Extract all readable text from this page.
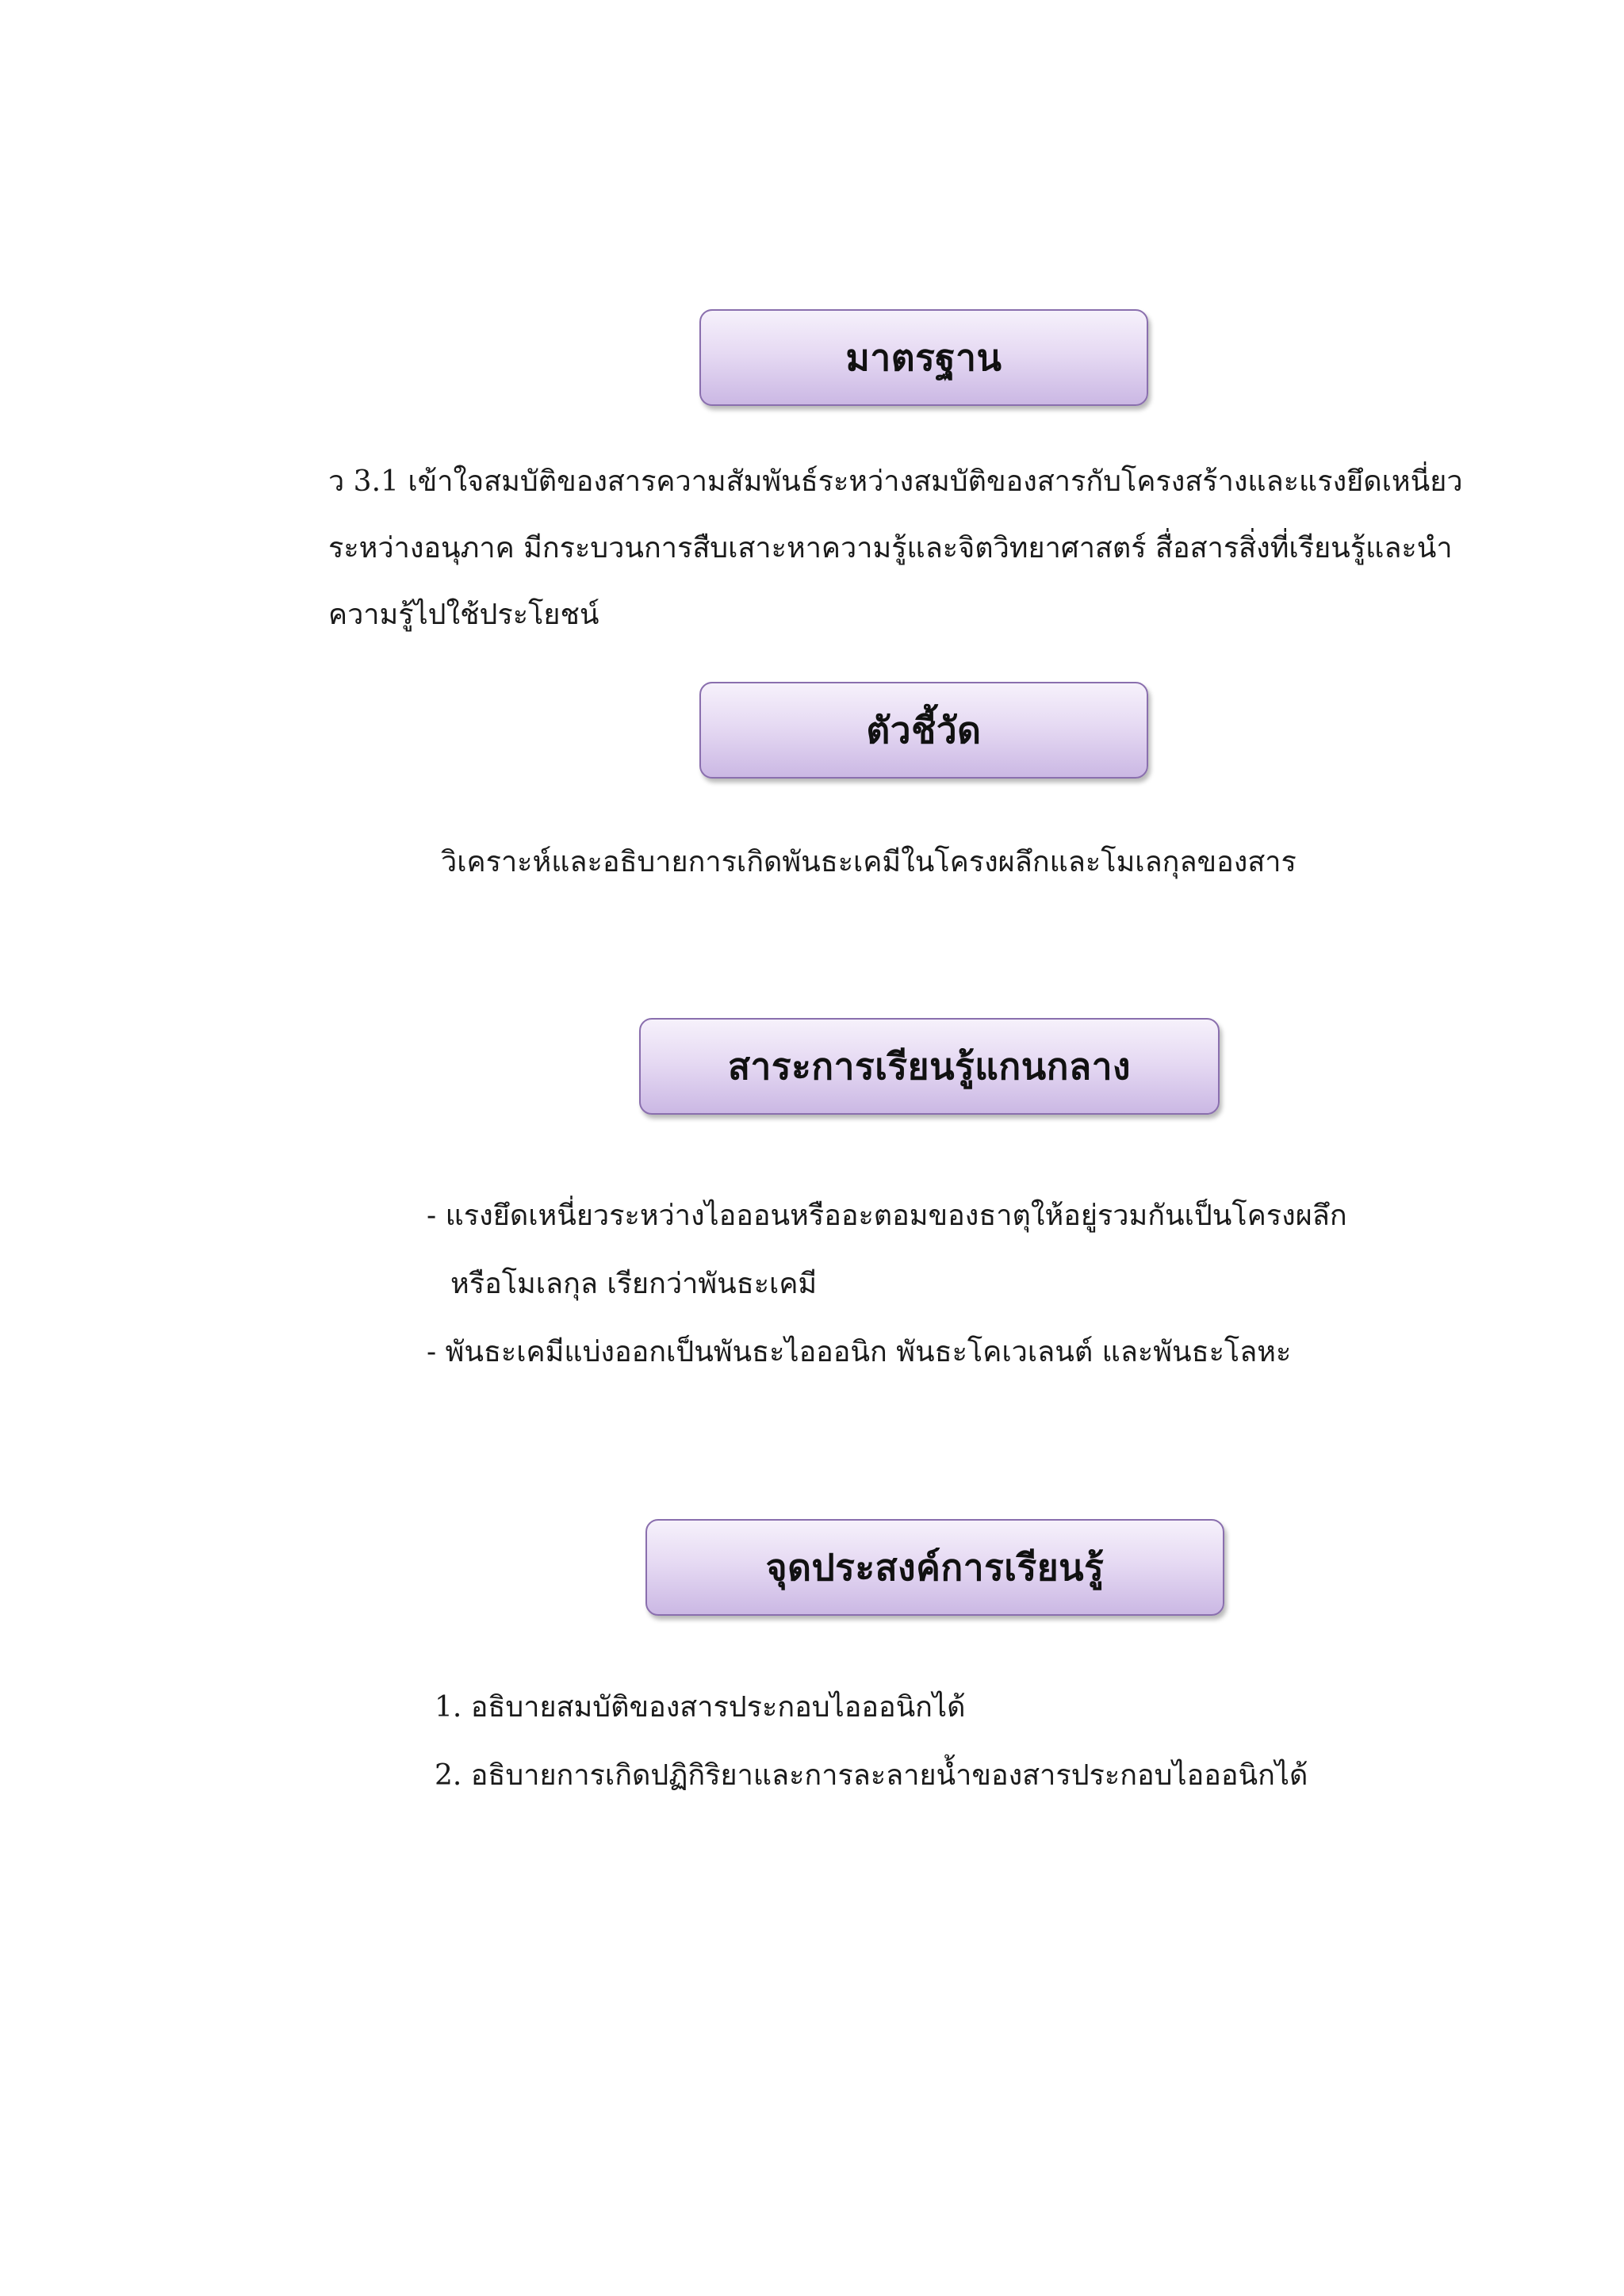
มาตรฐาน
ว 3.1 เข้าใจสมบัติของสารความสัมพันธ์ระหว่างสมบัติของสารกับโครงสร้างและแรงยึดเหนี่ยว
ระหว่างอนุภาค มีกระบวนการสืบเสาะหาความรู้และจิตวิทยาศาสตร์ สื่อสารสิ่งที่เรียนรู้และนำ
ความรู้ไปใช้ประโยชน์
ตัวชี้วัด
วิเคราะห์และอธิบายการเกิดพันธะเคมีในโครงผลึกและโมเลกุลของสาร
สาระการเรียนรู้แกนกลาง
- แรงยึดเหนี่ยวระหว่างไอออนหรืออะตอมของธาตุให้อยู่รวมกันเป็นโครงผลึก
หรือโมเลกุล เรียกว่าพันธะเคมี
- พันธะเคมีแบ่งออกเป็นพันธะไอออนิก พันธะโคเวเลนต์ และพันธะโลหะ
จุดประสงค์การเรียนรู้
1. อธิบายสมบัติของสารประกอบไอออนิกได้
2. อธิบายการเกิดปฏิกิริยาและการละลายน้ำของสารประกอบไอออนิกได้
